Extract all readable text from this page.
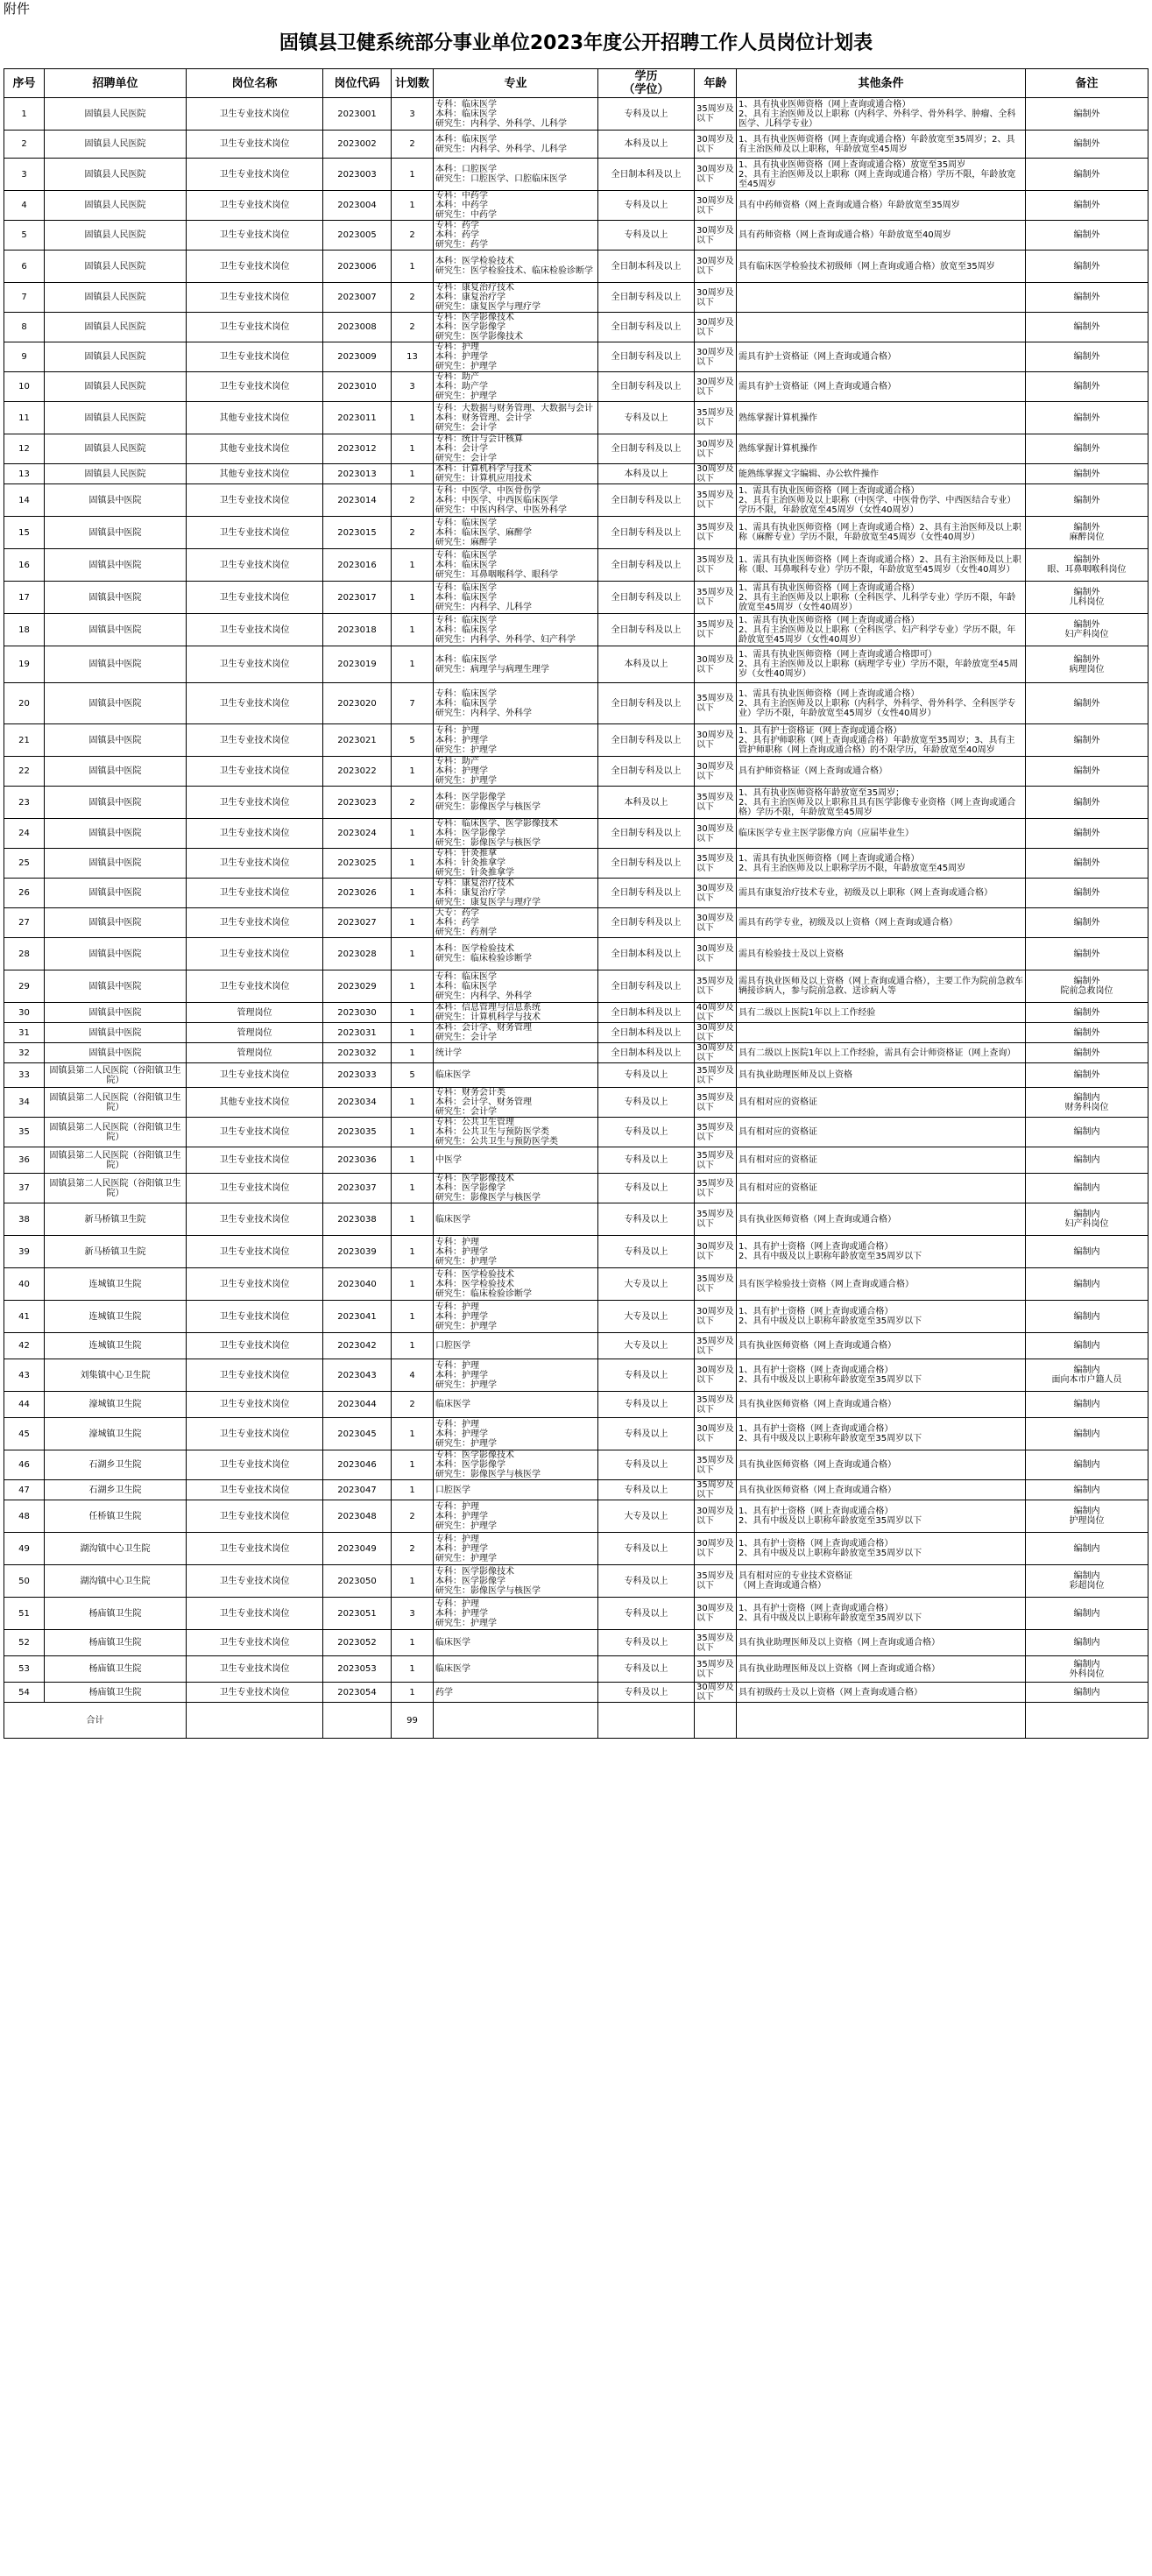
附件
固镇县卫健系统部分事业单位2023年度公开招聘工作人员岗位计划表
序号	招聘单位	岗位名称	岗位代码	计划数	专业	学历
（学位）	年龄	其他条件	备注
1	固镇县人民医院	卫生专业技术岗位	2023001	3	专科：临床医学
本科：临床医学
研究生：内科学、外科学、儿科学	专科及以上	35周岁及以下	1、具有执业医师资格（网上查询或通合格）
2、具有主治医师及以上职称（内科学、外科学、骨外科学、肿瘤、全科医学、儿科学专业）	编制外
2	固镇县人民医院	卫生专业技术岗位	2023002	2	本科：临床医学
研究生：内科学、外科学、儿科学	本科及以上	30周岁及以下	1、具有执业医师资格（网上查询或通合格）年龄放宽至35周岁；2、具有主治医师及以上职称，年龄放宽至45周岁	编制外
3	固镇县人民医院	卫生专业技术岗位	2023003	1	本科：口腔医学
研究生：口腔医学、口腔临床医学	全日制本科及以上	30周岁及以下	1、具有执业医师资格（网上查询或通合格）放宽至35周岁
2、具有主治医师及以上职称（网上查询或通合格）学历不限，年龄放宽至45周岁	编制外
4	固镇县人民医院	卫生专业技术岗位	2023004	1	专科：中药学
本科：中药学
研究生：中药学	专科及以上	30周岁及以下	具有中药师资格（网上查询或通合格）年龄放宽至35周岁	编制外
5	固镇县人民医院	卫生专业技术岗位	2023005	2	专科：药学
本科：药学
研究生：药学	专科及以上	30周岁及以下	具有药师资格（网上查询或通合格）年龄放宽至40周岁	编制外
6	固镇县人民医院	卫生专业技术岗位	2023006	1	本科：医学检验技术
研究生：医学检验技术、临床检验诊断学	全日制本科及以上	30周岁及以下	具有临床医学检验技术初级师（网上查询或通合格）放宽至35周岁	编制外
7	固镇县人民医院	卫生专业技术岗位	2023007	2	专科：康复治疗技术
本科：康复治疗学
研究生：康复医学与理疗学	全日制专科及以上	30周岁及以下		编制外
8	固镇县人民医院	卫生专业技术岗位	2023008	2	专科：医学影像技术
本科：医学影像学
研究生：医学影像技术	全日制专科及以上	30周岁及以下		编制外
9	固镇县人民医院	卫生专业技术岗位	2023009	13	专科：护理
本科：护理学
研究生：护理学	全日制专科及以上	30周岁及以下	需具有护士资格证（网上查询或通合格）	编制外
10	固镇县人民医院	卫生专业技术岗位	2023010	3	专科：助产
本科：助产学
研究生：护理学	全日制专科及以上	30周岁及以下	需具有护士资格证（网上查询或通合格）	编制外
11	固镇县人民医院	其他专业技术岗位	2023011	1	专科：大数据与财务管理、大数据与会计
本科：财务管理、会计学
研究生：会计学	专科及以上	35周岁及以下	熟练掌握计算机操作	编制外
12	固镇县人民医院	其他专业技术岗位	2023012	1	专科：统计与会计核算
本科：会计学
研究生：会计学	全日制专科及以上	30周岁及以下	熟练掌握计算机操作	编制外
13	固镇县人民医院	其他专业技术岗位	2023013	1	本科：计算机科学与技术
研究生：计算机应用技术	本科及以上	30周岁及以下	能熟练掌握文字编辑、办公软件操作	编制外
14	固镇县中医院	卫生专业技术岗位	2023014	2	专科：中医学、中医骨伤学
本科：中医学、中西医临床医学
研究生：中医内科学、中医外科学	全日制专科及以上	35周岁及以下	1、需具有执业医师资格（网上查询或通合格）
2、具有主治医师及以上职称（中医学、中医骨伤学、中西医结合专业）学历不限，年龄放宽至45周岁（女性40周岁）	编制外
15	固镇县中医院	卫生专业技术岗位	2023015	2	专科：临床医学
本科：临床医学、麻醉学
研究生：麻醉学	全日制专科及以上	35周岁及以下	1、需具有执业医师资格（网上查询或通合格）2、具有主治医师及以上职称（麻醉专业）学历不限，年龄放宽至45周岁（女性40周岁）	编制外
麻醉岗位
16	固镇县中医院	卫生专业技术岗位	2023016	1	专科：临床医学
本科：临床医学
研究生：耳鼻咽喉科学、眼科学	全日制专科及以上	35周岁及以下	1、需具有执业医师资格（网上查询或通合格）2、具有主治医师及以上职称（眼、耳鼻喉科专业）学历不限，年龄放宽至45周岁（女性40周岁）	编制外
眼、耳鼻咽喉科岗位
17	固镇县中医院	卫生专业技术岗位	2023017	1	专科：临床医学
本科：临床医学
研究生：内科学、儿科学	全日制专科及以上	35周岁及以下	1、需具有执业医师资格（网上查询或通合格）
2、具有主治医师及以上职称（全科医学、儿科学专业）学历不限，年龄放宽至45周岁（女性40周岁）	编制外
儿科岗位
18	固镇县中医院	卫生专业技术岗位	2023018	1	专科：临床医学
本科：临床医学
研究生：内科学、外科学、妇产科学	全日制专科及以上	35周岁及以下	1、需具有执业医师资格（网上查询或通合格）
2、具有主治医师及以上职称（全科医学、妇产科学专业）学历不限，年龄放宽至45周岁（女性40周岁）	编制外
妇产科岗位
19	固镇县中医院	卫生专业技术岗位	2023019	1	本科：临床医学
研究生：病理学与病理生理学	本科及以上	30周岁及以下	1、需具有执业医师资格（网上查询或通合格即可）
2、具有主治医师及以上职称（病理学专业）学历不限，年龄放宽至45周岁（女性40周岁）	编制外
病理岗位
20	固镇县中医院	卫生专业技术岗位	2023020	7	专科：临床医学
本科：临床医学
研究生：内科学、外科学	全日制专科及以上	35周岁及以下	1、需具有执业医师资格（网上查询或通合格）
2、具有主治医师及以上职称（内科学、外科学、骨外科学、全科医学专业）学历不限，年龄放宽至45周岁（女性40周岁）	编制外
21	固镇县中医院	卫生专业技术岗位	2023021	5	专科：护理
本科：护理学
研究生：护理学	全日制专科及以上	30周岁及以下	1、具有护士资格证（网上查询或通合格）
2、具有护师职称（网上查询或通合格）年龄放宽至35周岁；3、具有主管护师职称（网上查询或通合格）的不限学历，年龄放宽至40周岁	编制外
22	固镇县中医院	卫生专业技术岗位	2023022	1	专科：助产
本科：护理学
研究生：护理学	全日制专科及以上	30周岁及以下	具有护师资格证（网上查询或通合格）	编制外
23	固镇县中医院	卫生专业技术岗位	2023023	2	本科：医学影像学
研究生：影像医学与核医学	本科及以上	35周岁及以下	1、具有执业医师资格年龄放宽至35周岁；
2、具有主治医师及以上职称且具有医学影像专业资格（网上查询或通合格）学历不限，年龄放宽至45周岁	编制外
24	固镇县中医院	卫生专业技术岗位	2023024	1	专科：临床医学、医学影像技术
本科：医学影像学
研究生：影像医学与核医学	全日制专科及以上	30周岁及以下	临床医学专业主医学影像方向（应届毕业生）	编制外
25	固镇县中医院	卫生专业技术岗位	2023025	1	专科：针灸推拿
本科：针灸推拿学
研究生：针灸推拿学	全日制专科及以上	35周岁及以下	1、需具有执业医师资格（网上查询或通合格）
2、具有主治医师及以上职称学历不限，年龄放宽至45周岁	编制外
26	固镇县中医院	卫生专业技术岗位	2023026	1	专科：康复治疗技术
本科：康复治疗学
研究生：康复医学与理疗学	全日制专科及以上	30周岁及以下	需具有康复治疗技术专业，初级及以上职称（网上查询或通合格）	编制外
27	固镇县中医院	卫生专业技术岗位	2023027	1	大专：药学
本科：药学
研究生：药剂学	全日制专科及以上	30周岁及以下	需具有药学专业，初级及以上资格（网上查询或通合格）	编制外
28	固镇县中医院	卫生专业技术岗位	2023028	1	本科：医学检验技术
研究生：临床检验诊断学	全日制本科及以上	30周岁及以下	需具有检验技士及以上资格	编制外
29	固镇县中医院	卫生专业技术岗位	2023029	1	专科：临床医学
本科：临床医学
研究生：内科学、外科学	全日制专科及以上	35周岁及以下	需具有执业医师及以上资格（网上查询或通合格），主要工作为院前急救车辆接诊病人，参与院前急救、送诊病人等	编制外
院前急救岗位
30	固镇县中医院	管理岗位	2023030	1	本科：信息管理与信息系统
研究生：计算机科学与技术	全日制本科及以上	40周岁及以下	具有二级以上医院1年以上工作经验	编制外
31	固镇县中医院	管理岗位	2023031	1	本科：会计学、财务管理
研究生：会计学	全日制本科及以上	30周岁及以下		编制外
32	固镇县中医院	管理岗位	2023032	1	统计学	全日制本科及以上	30周岁及以下	具有二级以上医院1年以上工作经验，需具有会计师资格证（网上查询）	编制外
33	固镇县第二人民医院（谷阳镇卫生院）	卫生专业技术岗位	2023033	5	临床医学	专科及以上	35周岁及以下	具有执业助理医师及以上资格	编制外
34	固镇县第二人民医院（谷阳镇卫生院）	其他专业技术岗位	2023034	1	专科：财务会计类
本科：会计学、财务管理
研究生：会计学	专科及以上	35周岁及以下	具有相对应的资格证	编制内
财务科岗位
35	固镇县第二人民医院（谷阳镇卫生院）	卫生专业技术岗位	2023035	1	专科：公共卫生管理
本科：公共卫生与预防医学类
研究生：公共卫生与预防医学类	专科及以上	35周岁及以下	具有相对应的资格证	编制内
36	固镇县第二人民医院（谷阳镇卫生院）	卫生专业技术岗位	2023036	1	中医学	专科及以上	35周岁及以下	具有相对应的资格证	编制内
37	固镇县第二人民医院（谷阳镇卫生院）	卫生专业技术岗位	2023037	1	专科：医学影像技术
本科：医学影像学
研究生：影像医学与核医学	专科及以上	35周岁及以下	具有相对应的资格证	编制内
38	新马桥镇卫生院	卫生专业技术岗位	2023038	1	临床医学	专科及以上	35周岁及以下	具有执业医师资格（网上查询或通合格）	编制内
妇产科岗位
39	新马桥镇卫生院	卫生专业技术岗位	2023039	1	专科：护理
本科：护理学
研究生：护理学	专科及以上	30周岁及以下	1、具有护士资格（网上查询或通合格）
2、具有中级及以上职称年龄放宽至35周岁以下	编制内
40	连城镇卫生院	卫生专业技术岗位	2023040	1	专科：医学检验技术
本科：医学检验技术
研究生：临床检验诊断学	大专及以上	35周岁及以下	具有医学检验技士资格（网上查询或通合格）	编制内
41	连城镇卫生院	卫生专业技术岗位	2023041	1	专科：护理
本科：护理学
研究生：护理学	大专及以上	30周岁及以下	1、具有护士资格（网上查询或通合格）
2、具有中级及以上职称年龄放宽至35周岁以下	编制内
42	连城镇卫生院	卫生专业技术岗位	2023042	1	口腔医学	大专及以上	35周岁及以下	具有执业医师资格（网上查询或通合格）	编制内
43	刘集镇中心卫生院	卫生专业技术岗位	2023043	4	专科：护理
本科：护理学
研究生：护理学	专科及以上	30周岁及以下	1、具有护士资格（网上查询或通合格）
2、具有中级及以上职称年龄放宽至35周岁以下	编制内
面向本市户籍人员
44	濠城镇卫生院	卫生专业技术岗位	2023044	2	临床医学	专科及以上	35周岁及以下	具有执业医师资格（网上查询或通合格）	编制内
45	濠城镇卫生院	卫生专业技术岗位	2023045	1	专科：护理
本科：护理学
研究生：护理学	专科及以上	30周岁及以下	1、具有护士资格（网上查询或通合格）
2、具有中级及以上职称年龄放宽至35周岁以下	编制内
46	石湖乡卫生院	卫生专业技术岗位	2023046	1	专科：医学影像技术
本科：医学影像学
研究生：影像医学与核医学	专科及以上	35周岁及以下	具有执业医师资格（网上查询或通合格）	编制内
47	石湖乡卫生院	卫生专业技术岗位	2023047	1	口腔医学	专科及以上	35周岁及以下	具有执业医师资格（网上查询或通合格）	编制内
48	任桥镇卫生院	卫生专业技术岗位	2023048	2	专科：护理
本科：护理学
研究生：护理学	大专及以上	30周岁及以下	1、具有护士资格（网上查询或通合格）
2、具有中级及以上职称年龄放宽至35周岁以下	编制内
护理岗位
49	湖沟镇中心卫生院	卫生专业技术岗位	2023049	2	专科：护理
本科：护理学
研究生：护理学	专科及以上	30周岁及以下	1、具有护士资格（网上查询或通合格）
2、具有中级及以上职称年龄放宽至35周岁以下	编制内
50	湖沟镇中心卫生院	卫生专业技术岗位	2023050	1	专科：医学影像技术
本科：医学影像学
研究生：影像医学与核医学	专科及以上	35周岁及以下	具有相对应的专业技术资格证
（网上查询或通合格）	编制内
彩超岗位
51	杨庙镇卫生院	卫生专业技术岗位	2023051	3	专科：护理
本科：护理学
研究生：护理学	专科及以上	30周岁及以下	1、具有护士资格（网上查询或通合格）
2、具有中级及以上职称年龄放宽至35周岁以下	编制内
52	杨庙镇卫生院	卫生专业技术岗位	2023052	1	临床医学	专科及以上	35周岁及以下	具有执业助理医师及以上资格（网上查询或通合格）	编制内
53	杨庙镇卫生院	卫生专业技术岗位	2023053	1	临床医学	专科及以上	35周岁及以下	具有执业助理医师及以上资格（网上查询或通合格）	编制内
外科岗位
54	杨庙镇卫生院	卫生专业技术岗位	2023054	1	药学	专科及以上	30周岁及以下	具有初级药士及以上资格（网上查询或通合格）	编制内
合计				99					
